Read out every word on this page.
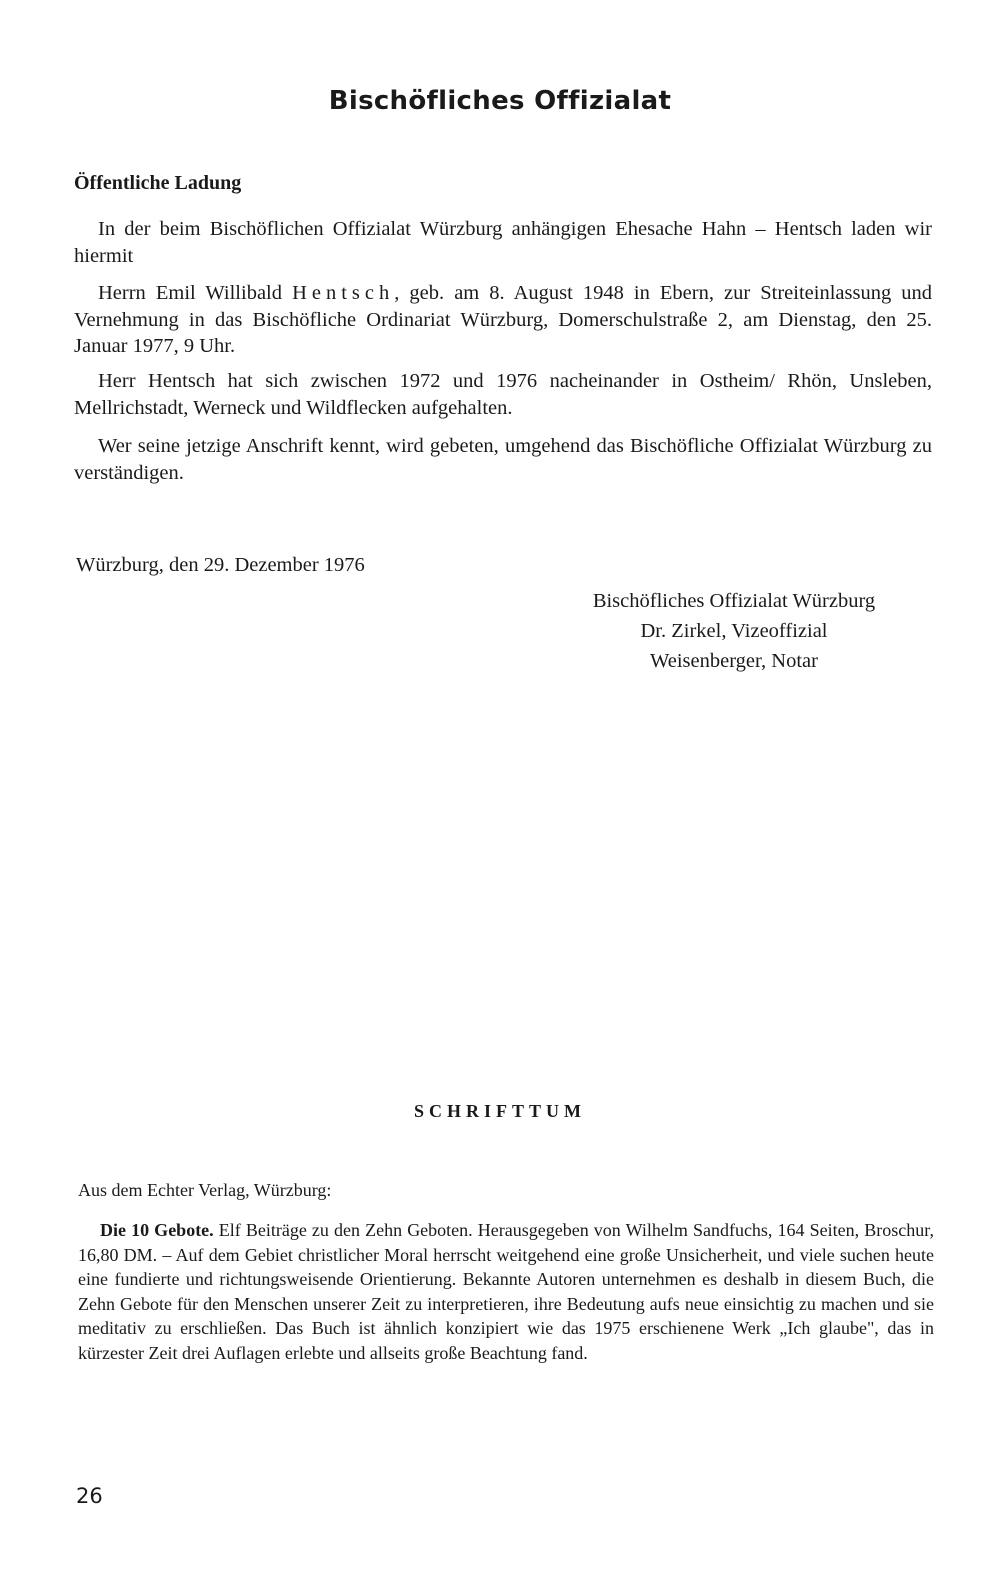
Bischöfliches Offizialat
Öffentliche Ladung

In der beim Bischöflichen Offizialat Würzburg anhängigen Ehesache Hahn – Hentsch laden wir hiermit

Herrn Emil Willibald Hentsch, geb. am 8. August 1948 in Ebern, zur Streiteinlassung und Vernehmung in das Bischöfliche Ordinariat Würzburg, Domerschulstraße 2, am Dienstag, den 25. Januar 1977, 9 Uhr.

Herr Hentsch hat sich zwischen 1972 und 1976 nacheinander in Ostheim/ Rhön, Unsleben, Mellrichstadt, Werneck und Wildflecken aufgehalten.

Wer seine jetzige Anschrift kennt, wird gebeten, umgehend das Bischöfliche Offizialat Würzburg zu verständigen.

Würzburg, den 29. Dezember 1976
Bischöfliches Offizialat Würzburg
Dr. Zirkel, Vizeoffizial
Weisenberger, Notar
SCHRIFTTUM
Aus dem Echter Verlag, Würzburg:
Die 10 Gebote. Elf Beiträge zu den Zehn Geboten. Herausgegeben von Wilhelm Sandfuchs, 164 Seiten, Broschur, 16,80 DM. – Auf dem Gebiet christlicher Moral herrscht weitgehend eine große Unsicherheit, und viele suchen heute eine fundierte und richtungsweisende Orientierung. Bekannte Autoren unternehmen es deshalb in diesem Buch, die Zehn Gebote für den Menschen unserer Zeit zu interpretieren, ihre Bedeutung aufs neue einsichtig zu machen und sie meditativ zu erschließen. Das Buch ist ähnlich konzipiert wie das 1975 erschienene Werk „Ich glaube", das in kürzester Zeit drei Auflagen erlebte und allseits große Beachtung fand.
26
